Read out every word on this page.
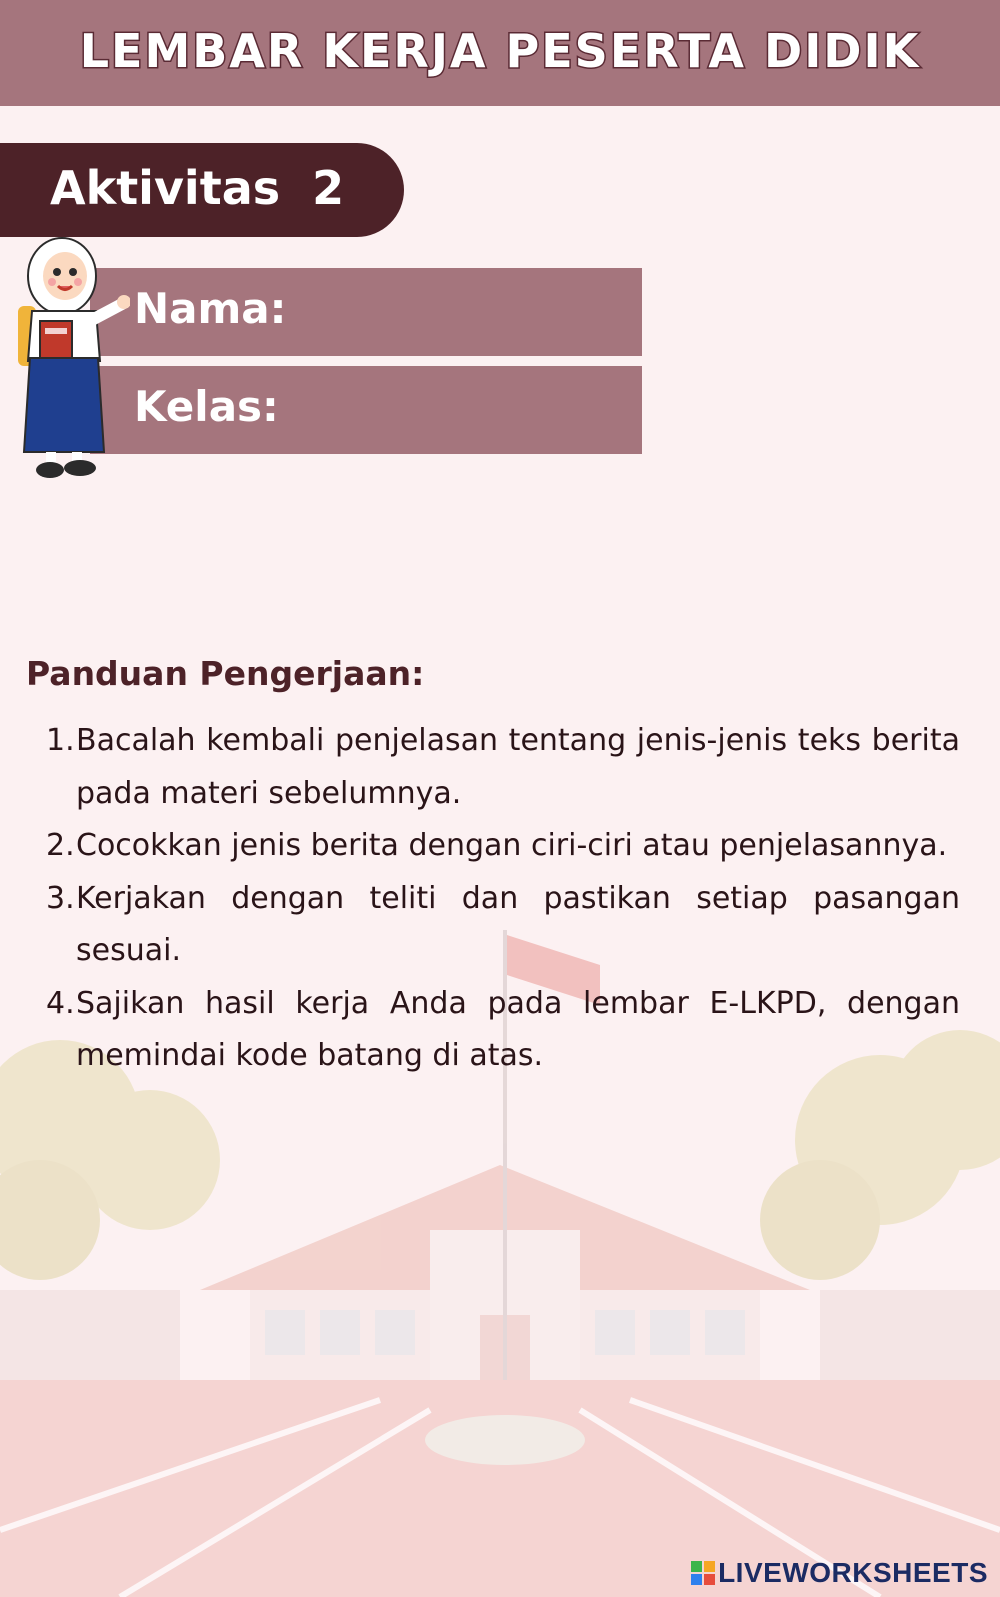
LEMBAR KERJA PESERTA DIDIK
Aktivitas  2
Nama:
Kelas:
Panduan Pengerjaan:
1. Bacalah kembali penjelasan tentang jenis-jenis teks berita pada materi sebelumnya.
2. Cocokkan jenis berita dengan ciri-ciri atau penjelasannya.
3. Kerjakan dengan teliti dan pastikan setiap pasangan sesuai.
4. Sajikan hasil kerja Anda pada lembar E-LKPD, dengan memindai kode batang di atas.
LIVEWORKSHEETS
